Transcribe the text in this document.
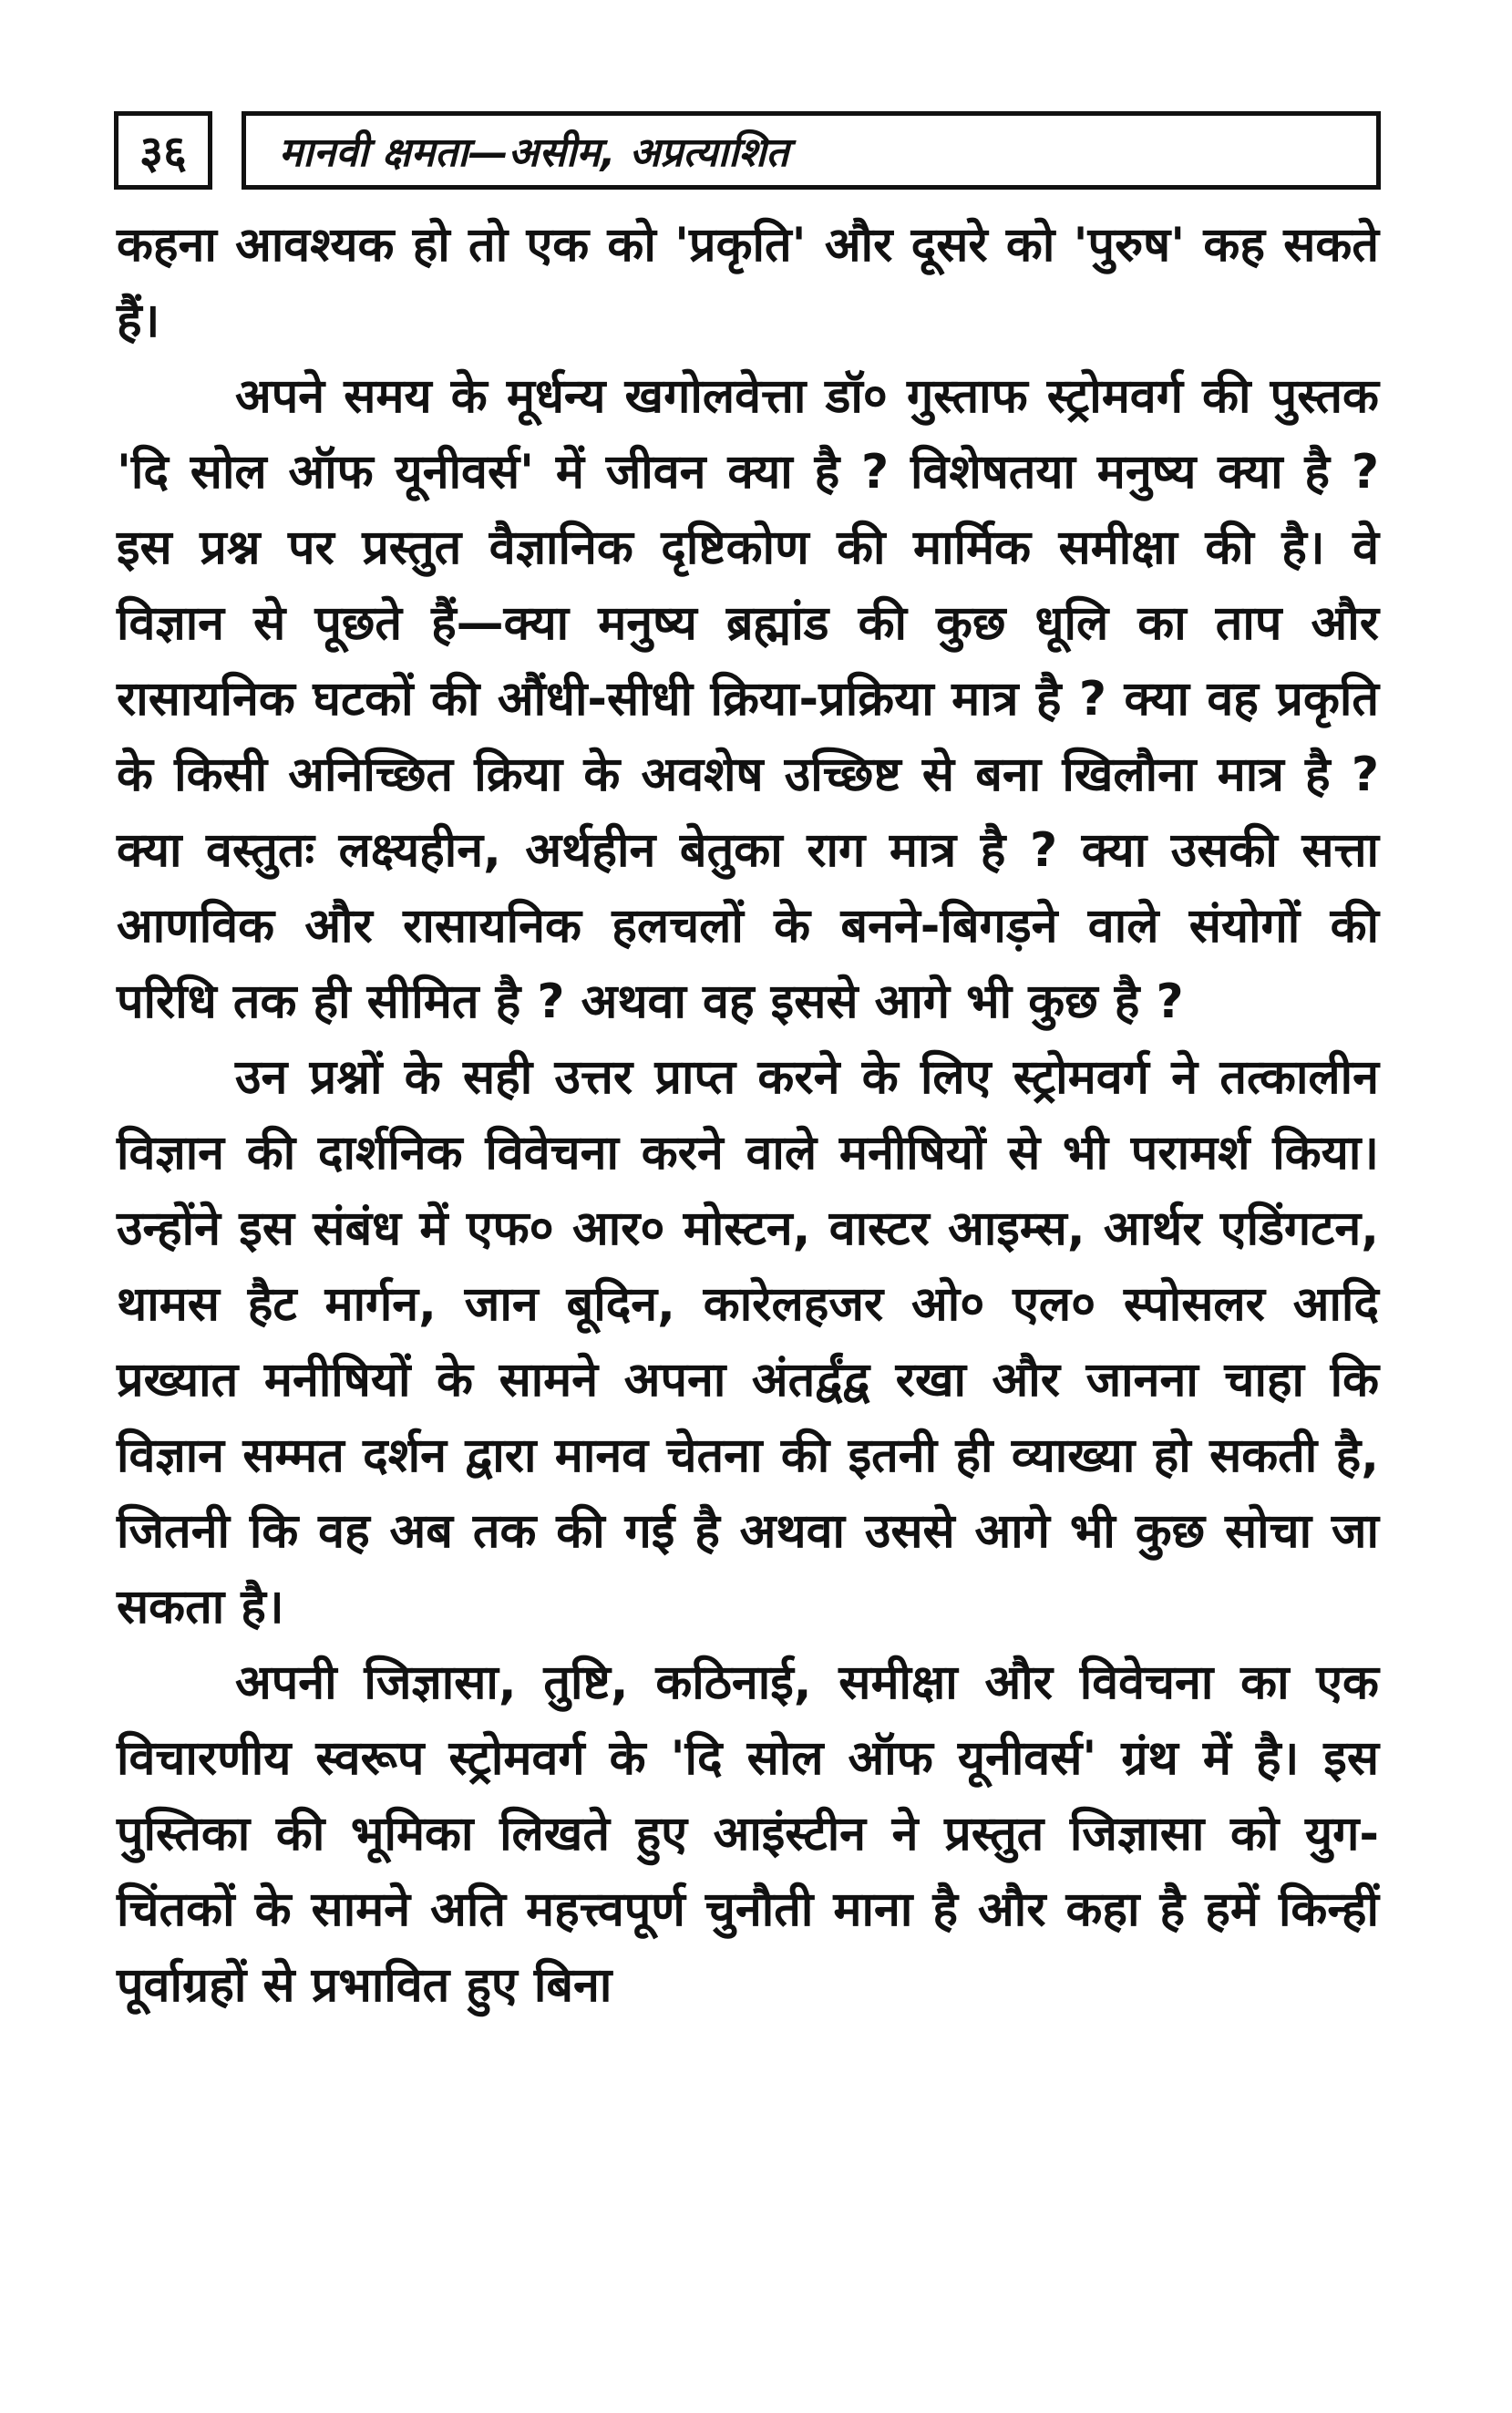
३६	मानवी क्षमता—असीम, अप्रत्याशित

कहना आवश्यक हो तो एक को 'प्रकृति' और दूसरे को 'पुरुष' कह सकते हैं।

अपने समय के मूर्धन्य खगोलवेत्ता डॉ० गुस्ताफ स्ट्रोमवर्ग की पुस्तक 'दि सोल ऑफ यूनीवर्स' में जीवन क्या है ? विशेषतया मनुष्य क्या है ? इस प्रश्न पर प्रस्तुत वैज्ञानिक दृष्टिकोण की मार्मिक समीक्षा की है। वे विज्ञान से पूछते हैं—क्या मनुष्य ब्रह्मांड की कुछ धूलि का ताप और रासायनिक घटकों की औंधी-सीधी क्रिया-प्रक्रिया मात्र है ? क्या वह प्रकृति के किसी अनिच्छित क्रिया के अवशेष उच्छिष्ट से बना खिलौना मात्र है ? क्या वस्तुतः लक्ष्यहीन, अर्थहीन बेतुका राग मात्र है ? क्या उसकी सत्ता आणविक और रासायनिक हलचलों के बनने-बिगड़ने वाले संयोगों की परिधि तक ही सीमित है ? अथवा वह इससे आगे भी कुछ है ?

उन प्रश्नों के सही उत्तर प्राप्त करने के लिए स्ट्रोमवर्ग ने तत्कालीन विज्ञान की दार्शनिक विवेचना करने वाले मनीषियों से भी परामर्श किया। उन्होंने इस संबंध में एफ० आर० मोस्टन, वास्टर आइम्स, आर्थर एडिंगटन, थामस हैट मार्गन, जान बूदिन, कारेलहजर ओ० एल० स्पोसलर आदि प्रख्यात मनीषियों के सामने अपना अंतर्द्वंद्व रखा और जानना चाहा कि विज्ञान सम्मत दर्शन द्वारा मानव चेतना की इतनी ही व्याख्या हो सकती है, जितनी कि वह अब तक की गई है अथवा उससे आगे भी कुछ सोचा जा सकता है।

अपनी जिज्ञासा, तुष्टि, कठिनाई, समीक्षा और विवेचना का एक विचारणीय स्वरूप स्ट्रोमवर्ग के 'दि सोल ऑफ यूनीवर्स' ग्रंथ में है। इस पुस्तिका की भूमिका लिखते हुए आइंस्टीन ने प्रस्तुत जिज्ञासा को युग-चिंतकों के सामने अति महत्त्वपूर्ण चुनौती माना है और कहा है हमें किन्हीं पूर्वाग्रहों से प्रभावित हुए बिना
